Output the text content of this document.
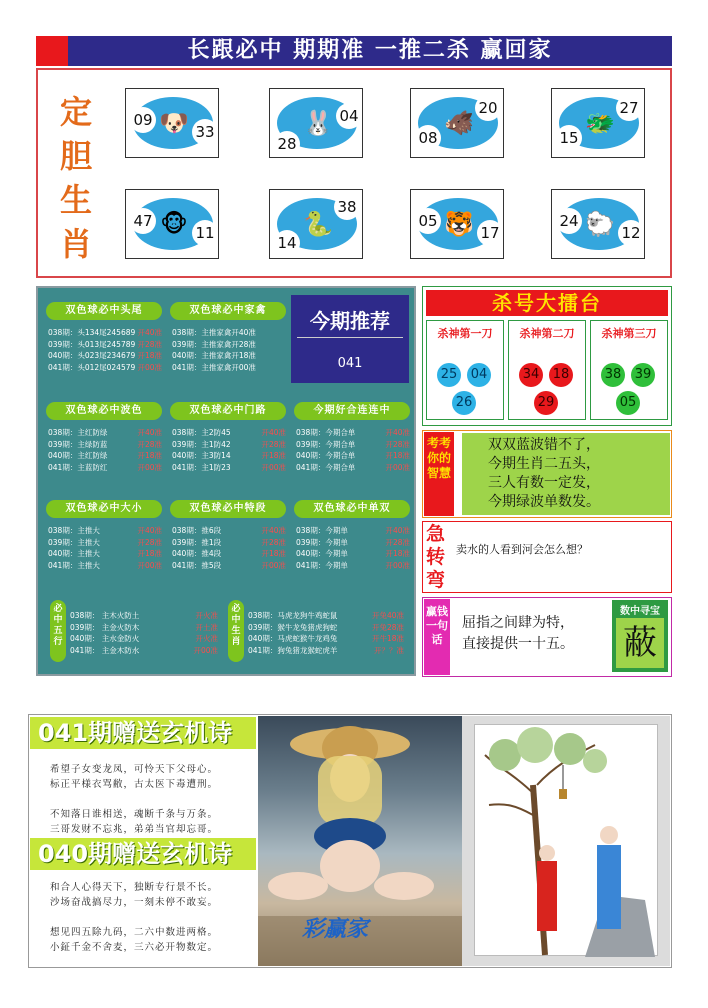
长跟必中 期期准 一推二杀 赢回家
定胆生肖
🐶
09
33	🐰
28
04	🐗
08
20
🐲
15
27
🐵
47
11	🐍
14
38
🐯
05
17	🐑
24
12
双色球必中头尾
038期：头134尾245689 开40准
039期：头013尾245789 开28准
040期：头023尾234679 开18准
041期：头012尾024579 开00准
双色球必中家禽
038期：主推家禽开40准
039期：主推家禽开28准
040期：主推家禽开18准
041期：主推家禽开00准
双色球必中波色
038期：主红防绿	开40准
039期：主绿防蓝	开28准
040期：主红防绿	开18准
041期：主蓝防红	开00准
双色球必中门路
038期：主2防45	开40准
039期：主1防42	开28准
040期：主3防14	开18准
041期：主1防23	开00准
今期好合连连中
038期：今期合单	开40准
039期：今期合单	开28准
040期：今期合单	开18准
041期：今期合单	开00准
双色球必中大小
038期：主推大	开40准
039期：主推大	开28准
040期：主推大	开18准
041期：主推大	开00准
双色球必中特段
038期：推6段	开40准
039期：推1段	开28准
040期：推4段	开18准
041期：推5段	开00准
双色球必中单双
038期：今期单	开40准
039期：今期单	开28准
040期：今期单	开18准
041期：今期单	开00准
必中五行
038期： 主木火防土	开火准
039期： 主金火防木	开土准
040期： 主水金防火	开火准
041期： 主金木防水	开00准
必中生肖
038期：马虎龙狗牛鸡蛇鼠	开兔40准
039期：猴牛龙兔猪虎狗蛇	开兔28准
040期：马虎蛇猴牛龙鸡兔	开牛18准
041期：狗兔猪龙猴蛇虎羊	开？？准
今期推荐
041
杀号大擂台
杀神第一刀
25 04
26
杀神第二刀
34 18
29
杀神第三刀
38 39
05
考考你的智慧
双双蓝波错不了，
今期生肖二五头，
三人有数一定发，
今期绿波单数发。
急转弯
卖水的人看到河会怎么想？
赢钱一句话
屈指之间肆为特，
直接提供一十五。
数中寻宝
蔽
041期赠送玄机诗
希望子女变龙凤，可怜天下父母心。
标正平様衣骂敝，古太医下毒遭刑。
不知落日谁相送，魂断千条与万条。
三哥发财不忘兆，弟弟当官却忘哥。
040期赠送玄机诗
和合人心得天下，独断专行景不长。
沙场奋战搞尽力，一刻未停不敢妄。
想见四五除九码，二六中数进两格。
小鉦千金不舍麦，三六必开物数定。
彩赢家
